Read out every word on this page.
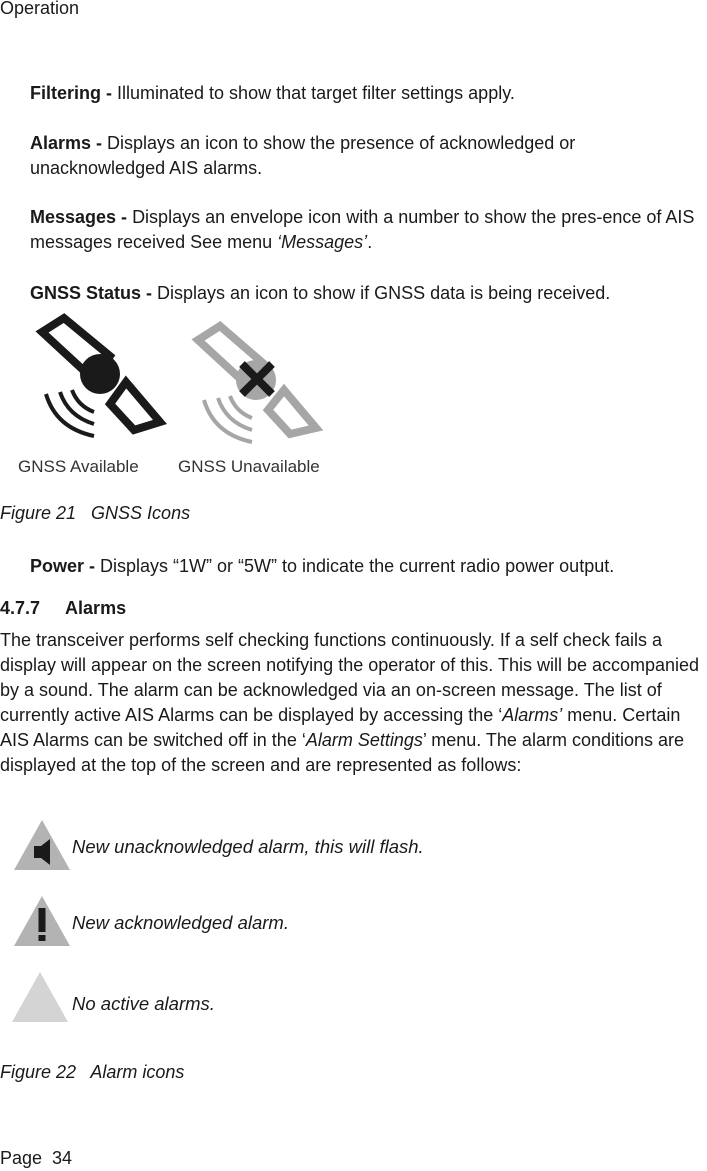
Operation
Filtering - Illuminated to show that target filter settings apply.
Alarms - Displays an icon to show the presence of acknowledged or unacknowledged AIS alarms.
Messages - Displays an envelope icon with a number to show the pres-ence of AIS messages received See menu ‘Messages’.
GNSS Status - Displays an icon to show if GNSS data is being received.
GNSS Available GNSS Unavailable
Figure 21   GNSS Icons
Power - Displays “1W” or “5W” to indicate the current radio power output.
4.7.7 Alarms
The transceiver performs self checking functions continuously. If a self check fails a display will appear on the screen notifying the operator of this. This will be accompanied by a sound. The alarm can be acknowledged via an on-screen message. The list of currently active AIS Alarms can be displayed by accessing the ‘Alarms’ menu. Certain AIS Alarms can be switched off in the ‘Alarm Settings’ menu. The alarm conditions are displayed at the top of the screen and are represented as follows:
New unacknowledged alarm, this will flash.
New acknowledged alarm.
No active alarms.
Figure 22   Alarm icons
Page  34
